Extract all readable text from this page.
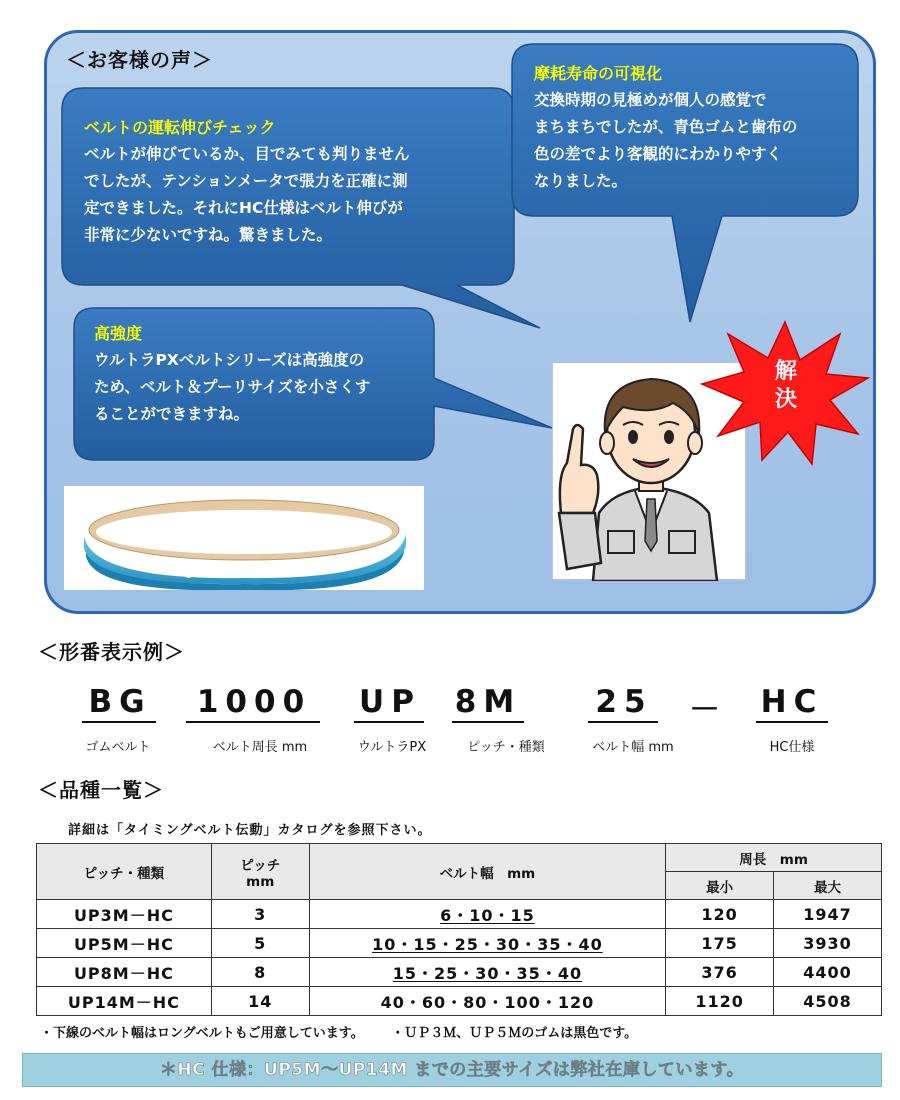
＜お客様の声＞
ベルトの運転伸びチェック
ベルトが伸びているか、目でみても判りません
でしたが、テンションメータで張力を正確に測
定できました。それにHC仕様はベルト伸びが
非常に少ないですね。驚きました。
摩耗寿命の可視化
交換時期の見極めが個人の感覚で
まちまちでしたが、青色ゴムと歯布の
色の差でより客観的にわかりやすく
なりました。
高強度
ウルトラPXベルトシリーズは高強度の
ため、ベルト＆プーリサイズを小さくす
ることができますね。
解
決
ULTRAPX-HC
＜形番表示例＞
BG	1000	UP 8M	25	－ HC
ゴムベルト	ベルト周長 mm	ウルトラPX	ピッチ・種類	ベルト幅 mm	HC仕様
＜品種一覧＞
詳細は「タイミングベルト伝動」カタログを参照下さい。
ピッチ・種類	ピッチ
mm	ベルト幅　mm	周長　mm	
			最小	最大
UP3M－HC	3	6・10・15	120	1947
UP5M－HC	5	10・15・25・30・35・40	175	3930
UP8M－HC	8	15・25・30・35・40	376	4400
UP14M－HC	14	40・60・80・100・120	1120	4508
・下線のベルト幅はロングベルトもご用意しています。	・ＵＰ３Ｍ、ＵＰ５Ｍのゴムは黒色です。
＊HC 仕様：UP5M～UP14M までの主要サイズは弊社在庫しています。
